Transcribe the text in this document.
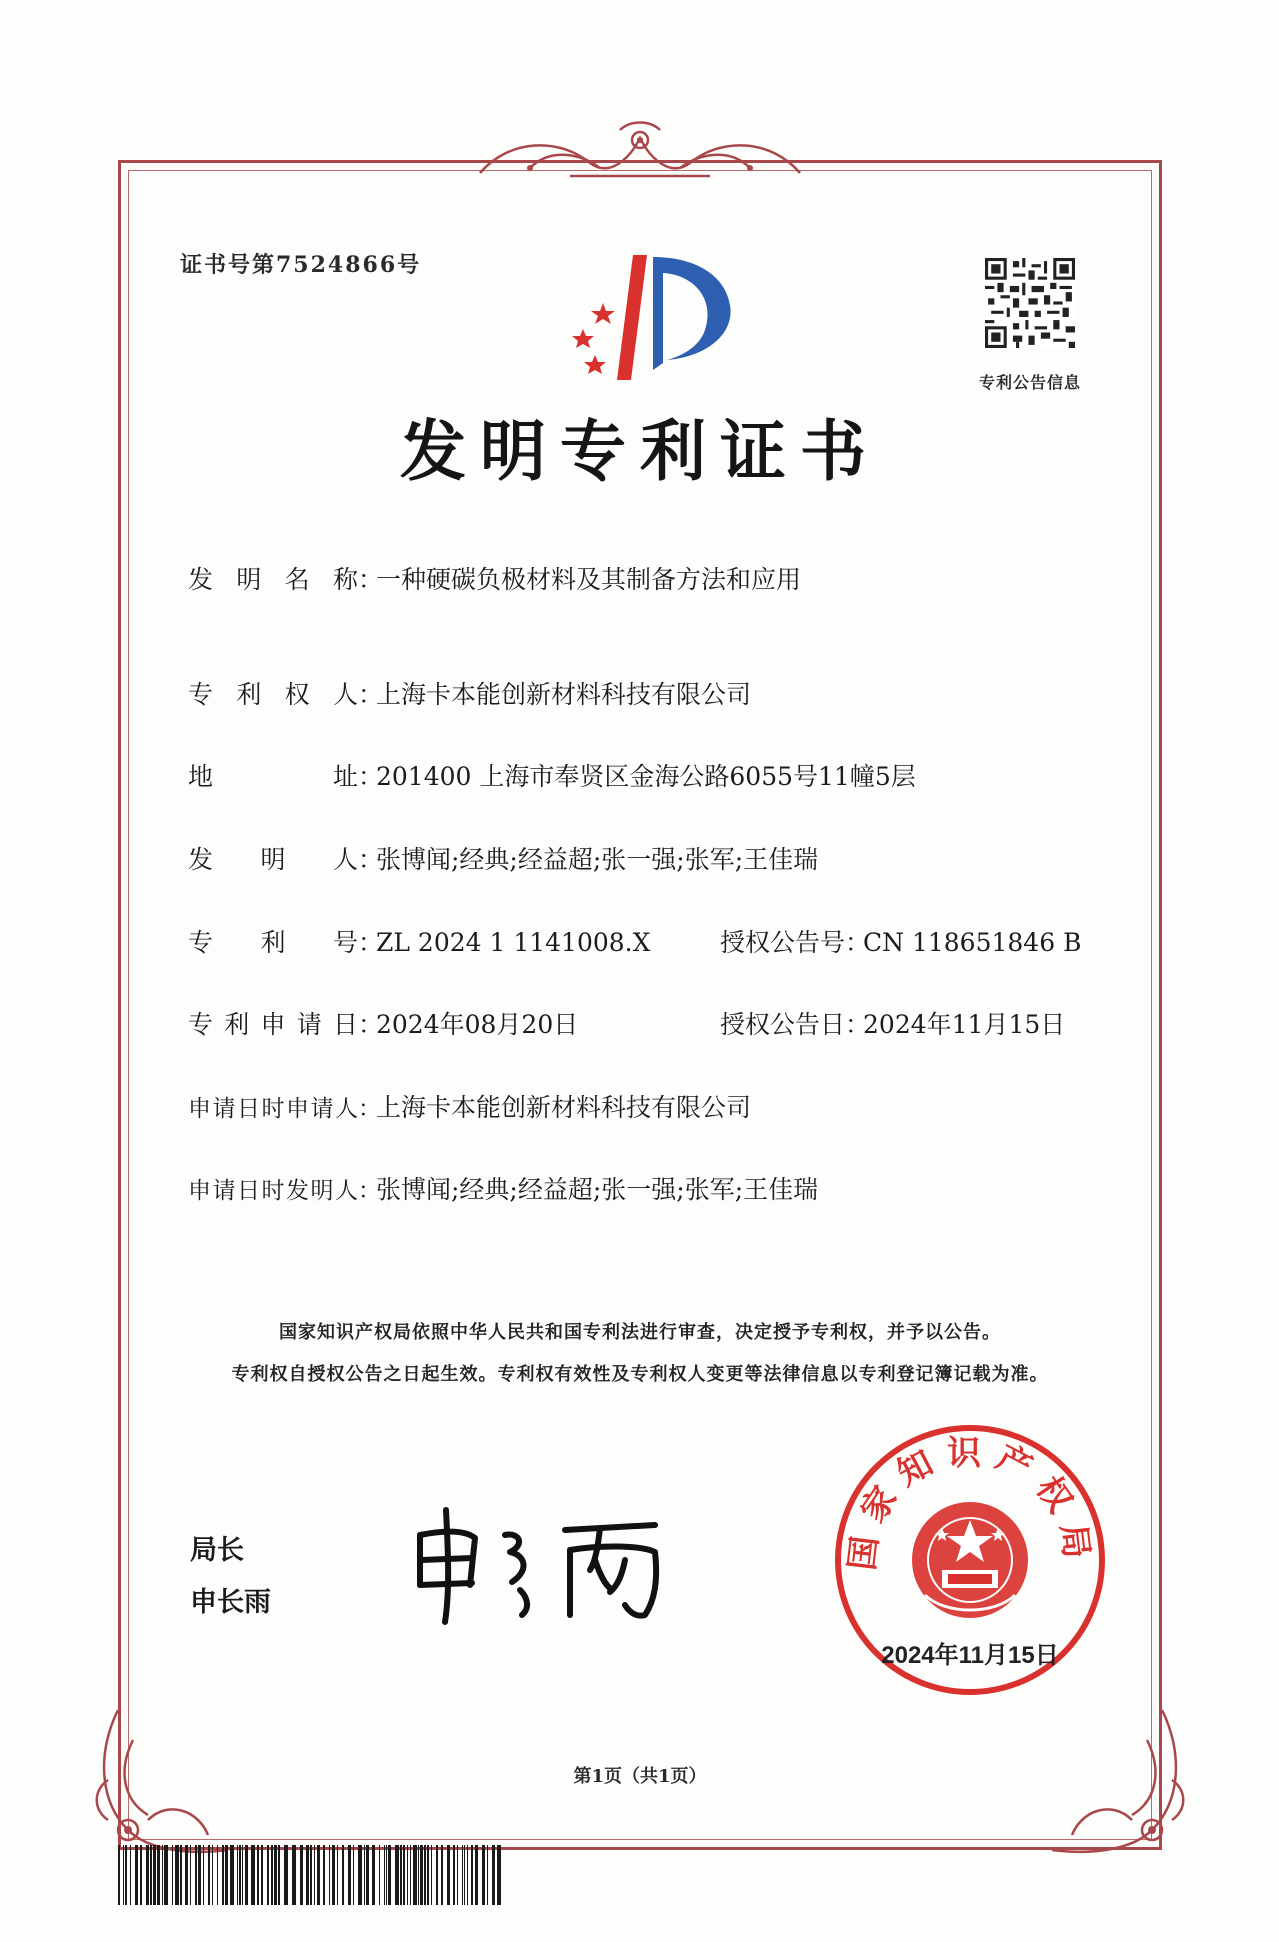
证书号第7524866号
专利公告信息
发明专利证书
发明名称：一种硬碳负极材料及其制备方法和应用
专利权人：上海卡本能创新材料科技有限公司
地址：201400 上海市奉贤区金海公路6055号11幢5层
发明人：张博闻;经典;经益超;张一强;张军;王佳瑞
专利号：ZL 2024 1 1141008.X	授权公告号：CN 118651846 B
专利申请日：2024年08月20日	授权公告日：2024年11月15日
申请日时申请人：上海卡本能创新材料科技有限公司
申请日时发明人：张博闻;经典;经益超;张一强;张军;王佳瑞
国家知识产权局依照中华人民共和国专利法进行审查，决定授予专利权，并予以公告。
专利权自授权公告之日起生效。专利权有效性及专利权人变更等法律信息以专利登记簿记载为准。
局长
申长雨
国家知识产权局
2024年11月15日
第1页（共1页）
